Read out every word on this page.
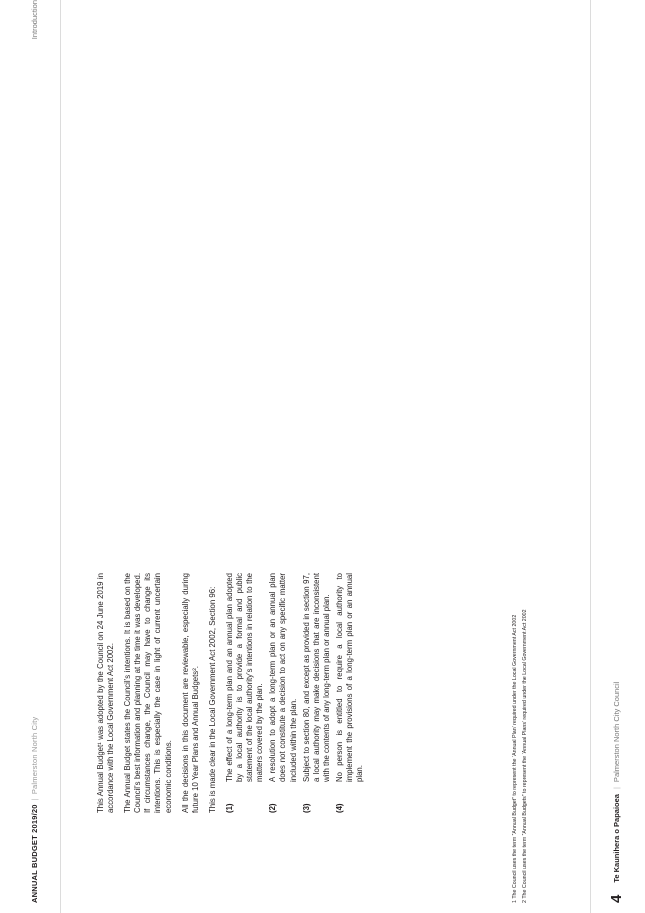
ANNUAL BUDGET 2019/20|Palmerston North City
Introduction

This Annual Budget¹ was adopted by the Council on 24 June 2019 in accordance with the Local Government Act 2002. The Annual Budget states the Council’s intentions. It is based on the Council’s best information and planning at the time it was developed. If circumstances change, the Council may have to change its intentions. This is especially the case in light of current uncertain economic conditions. All the decisions in this document are reviewable, especially during future 10 Year Plans and Annual Budgets². This is made clear in the Local Government Act 2002, Section 96: (1)
The effect of a long-term plan and an annual plan adopted by a local authority is to provide a formal and public statement of the local authority’s intentions in relation to the matters covered by the plan.
(2)
A resolution to adopt a long-term plan or an annual plan does not constitute a decision to act on any specific matter included within the plan.
(3)
Subject to section 80, and except as provided in section 97, a local authority may make decisions that are inconsistent with the contents of any long-term plan or annual plan.
(4)
No person is entitled to require a local authority to implement the provisions of a long-term plan or an annual plan.	1 The Council uses the term “Annual Budget” to represent the ‘Annual Plan’ required under the Local Government Act 2002 2 The Council uses the term “Annual Budgets” to represent the ‘Annual Plans’ required under the Local Government Act 2002	4
Te Kaunihera o Papaioea
|
Palmerston North City Council
